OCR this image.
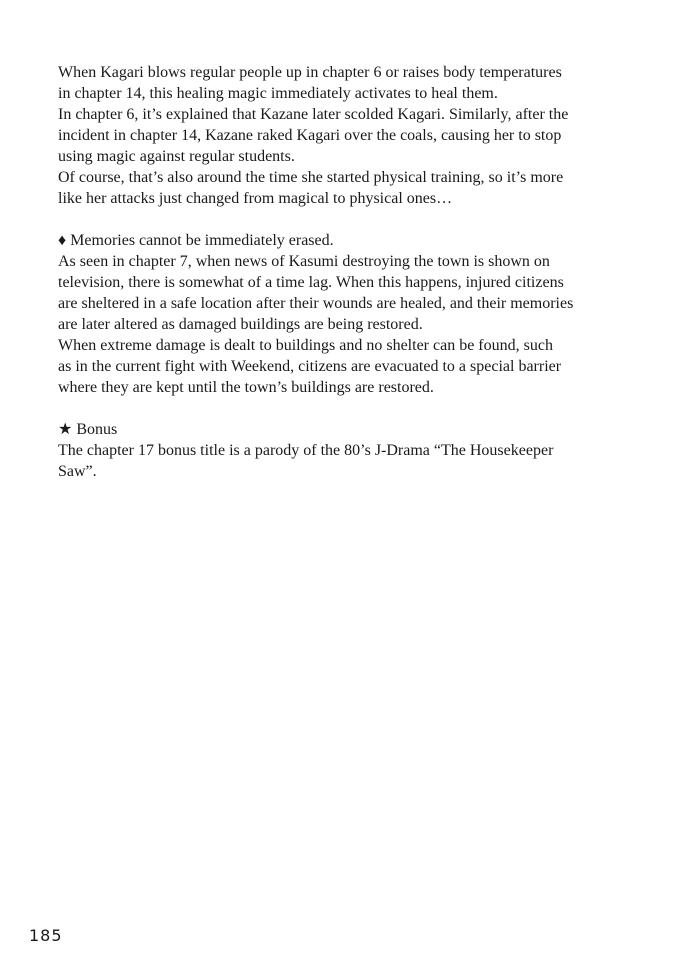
When Kagari blows regular people up in chapter 6 or raises body temperatures
in chapter 14, this healing magic immediately activates to heal them.
In chapter 6, it’s explained that Kazane later scolded Kagari. Similarly, after the
incident in chapter 14, Kazane raked Kagari over the coals, causing her to stop
using magic against regular students.
Of course, that’s also around the time she started physical training, so it’s more
like her attacks just changed from magical to physical ones…
♦ Memories cannot be immediately erased.
As seen in chapter 7, when news of Kasumi destroying the town is shown on
television, there is somewhat of a time lag. When this happens, injured citizens
are sheltered in a safe location after their wounds are healed, and their memories
are later altered as damaged buildings are being restored.
When extreme damage is dealt to buildings and no shelter can be found, such
as in the current fight with Weekend, citizens are evacuated to a special barrier
where they are kept until the town’s buildings are restored.
★ Bonus
The chapter 17 bonus title is a parody of the 80’s J-Drama “The Housekeeper
Saw”.
185
